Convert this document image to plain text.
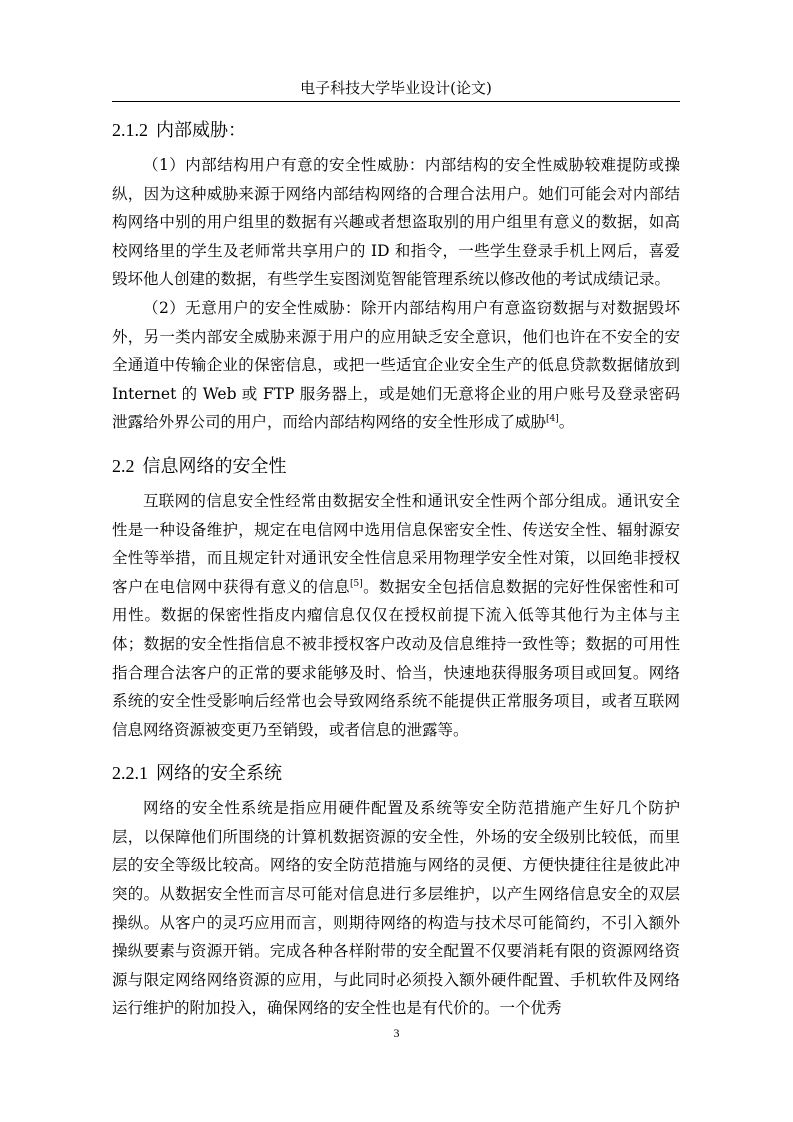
电子科技大学毕业设计(论文)
2.1.2 内部威胁：

（1）内部结构用户有意的安全性威胁：内部结构的安全性威胁较难提防或操纵，因为这种威胁来源于网络内部结构网络的合理合法用户。她们可能会对内部结构网络中别的用户组里的数据有兴趣或者想盗取别的用户组里有意义的数据，如高校网络里的学生及老师常共享用户的 ID 和指令，一些学生登录手机上网后，喜爱毁坏他人创建的数据，有些学生妄图浏览智能管理系统以修改他的考试成绩记录。

（2）无意用户的安全性威胁：除开内部结构用户有意盗窃数据与对数据毁坏外，另一类内部安全威胁来源于用户的应用缺乏安全意识，他们也许在不安全的安全通道中传输企业的保密信息，或把一些适宜企业安全生产的低息贷款数据储放到 Internet 的 Web 或 FTP 服务器上，或是她们无意将企业的用户账号及登录密码泄露给外界公司的用户，而给内部结构网络的安全性形成了威胁[4]。

2.2 信息网络的安全性

互联网的信息安全性经常由数据安全性和通讯安全性两个部分组成。通讯安全性是一种设备维护，规定在电信网中选用信息保密安全性、传送安全性、辐射源安全性等举措，而且规定针对通讯安全性信息采用物理学安全性对策，以回绝非授权客户在电信网中获得有意义的信息[5]。数据安全包括信息数据的完好性保密性和可用性。数据的保密性指皮内瘤信息仅仅在授权前提下流入低等其他行为主体与主体；数据的安全性指信息不被非授权客户改动及信息维持一致性等；数据的可用性指合理合法客户的正常的要求能够及时、恰当，快速地获得服务项目或回复。网络系统的安全性受影响后经常也会导致网络系统不能提供正常服务项目，或者互联网信息网络资源被变更乃至销毁，或者信息的泄露等。

2.2.1 网络的安全系统

网络的安全性系统是指应用硬件配置及系统等安全防范措施产生好几个防护层，以保障他们所围绕的计算机数据资源的安全性，外场的安全级别比较低，而里层的安全等级比较高。网络的安全防范措施与网络的灵便、方便快捷往往是彼此冲突的。从数据安全性而言尽可能对信息进行多层维护，以产生网络信息安全的双层操纵。从客户的灵巧应用而言，则期待网络的构造与技术尽可能简约，不引入额外操纵要素与资源开销。完成各种各样附带的安全配置不仅要消耗有限的资源网络资源与限定网络网络资源的应用，与此同时必须投入额外硬件配置、手机软件及网络运行维护的附加投入，确保网络的安全性也是有代价的。一个优秀

3
